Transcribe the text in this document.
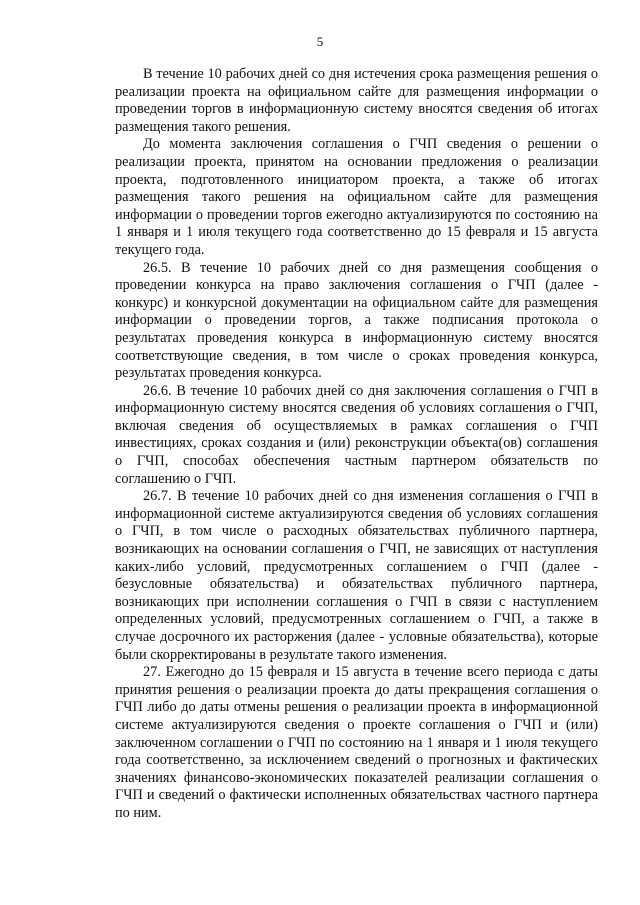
5

В течение 10 рабочих дней со дня истечения срока размещения решения о реализации проекта на официальном сайте для размещения информации о проведении торгов в информационную систему вносятся сведения об итогах размещения такого решения.

До момента заключения соглашения о ГЧП сведения о решении о реализации проекта, принятом на основании предложения о реализации проекта, подготовленного инициатором проекта, а также об итогах размещения такого решения на официальном сайте для размещения информации о проведении торгов ежегодно актуализируются по состоянию на 1 января и 1 июля текущего года соответственно до 15 февраля и 15 августа текущего года.

26.5. В течение 10 рабочих дней со дня размещения сообщения о проведении конкурса на право заключения соглашения о ГЧП (далее - конкурс) и конкурсной документации на официальном сайте для размещения информации о проведении торгов, а также подписания протокола о результатах проведения конкурса в информационную систему вносятся соответствующие сведения, в том числе о сроках проведения конкурса, результатах проведения конкурса.

26.6. В течение 10 рабочих дней со дня заключения соглашения о ГЧП в информационную систему вносятся сведения об условиях соглашения о ГЧП, включая сведения об осуществляемых в рамках соглашения о ГЧП инвестициях, сроках создания и (или) реконструкции объекта(ов) соглашения о ГЧП, способах обеспечения частным партнером обязательств по соглашению о ГЧП.

26.7. В течение 10 рабочих дней со дня изменения соглашения о ГЧП в информационной системе актуализируются сведения об условиях соглашения о ГЧП, в том числе о расходных обязательствах публичного партнера, возникающих на основании соглашения о ГЧП, не зависящих от наступления каких-либо условий, предусмотренных соглашением о ГЧП (далее - безусловные обязательства) и обязательствах публичного партнера, возникающих при исполнении соглашения о ГЧП в связи с наступлением определенных условий, предусмотренных соглашением о ГЧП, а также в случае досрочного их расторжения (далее - условные обязательства), которые были скорректированы в результате такого изменения.

27. Ежегодно до 15 февраля и 15 августа в течение всего периода с даты принятия решения о реализации проекта до даты прекращения соглашения о ГЧП либо до даты отмены решения о реализации проекта в информационной системе актуализируются сведения о проекте соглашения о ГЧП и (или) заключенном соглашении о ГЧП по состоянию на 1 января и 1 июля текущего года соответственно, за исключением сведений о прогнозных и фактических значениях финансово-экономических показателей реализации соглашения о ГЧП и сведений о фактически исполненных обязательствах частного партнера по ним.
